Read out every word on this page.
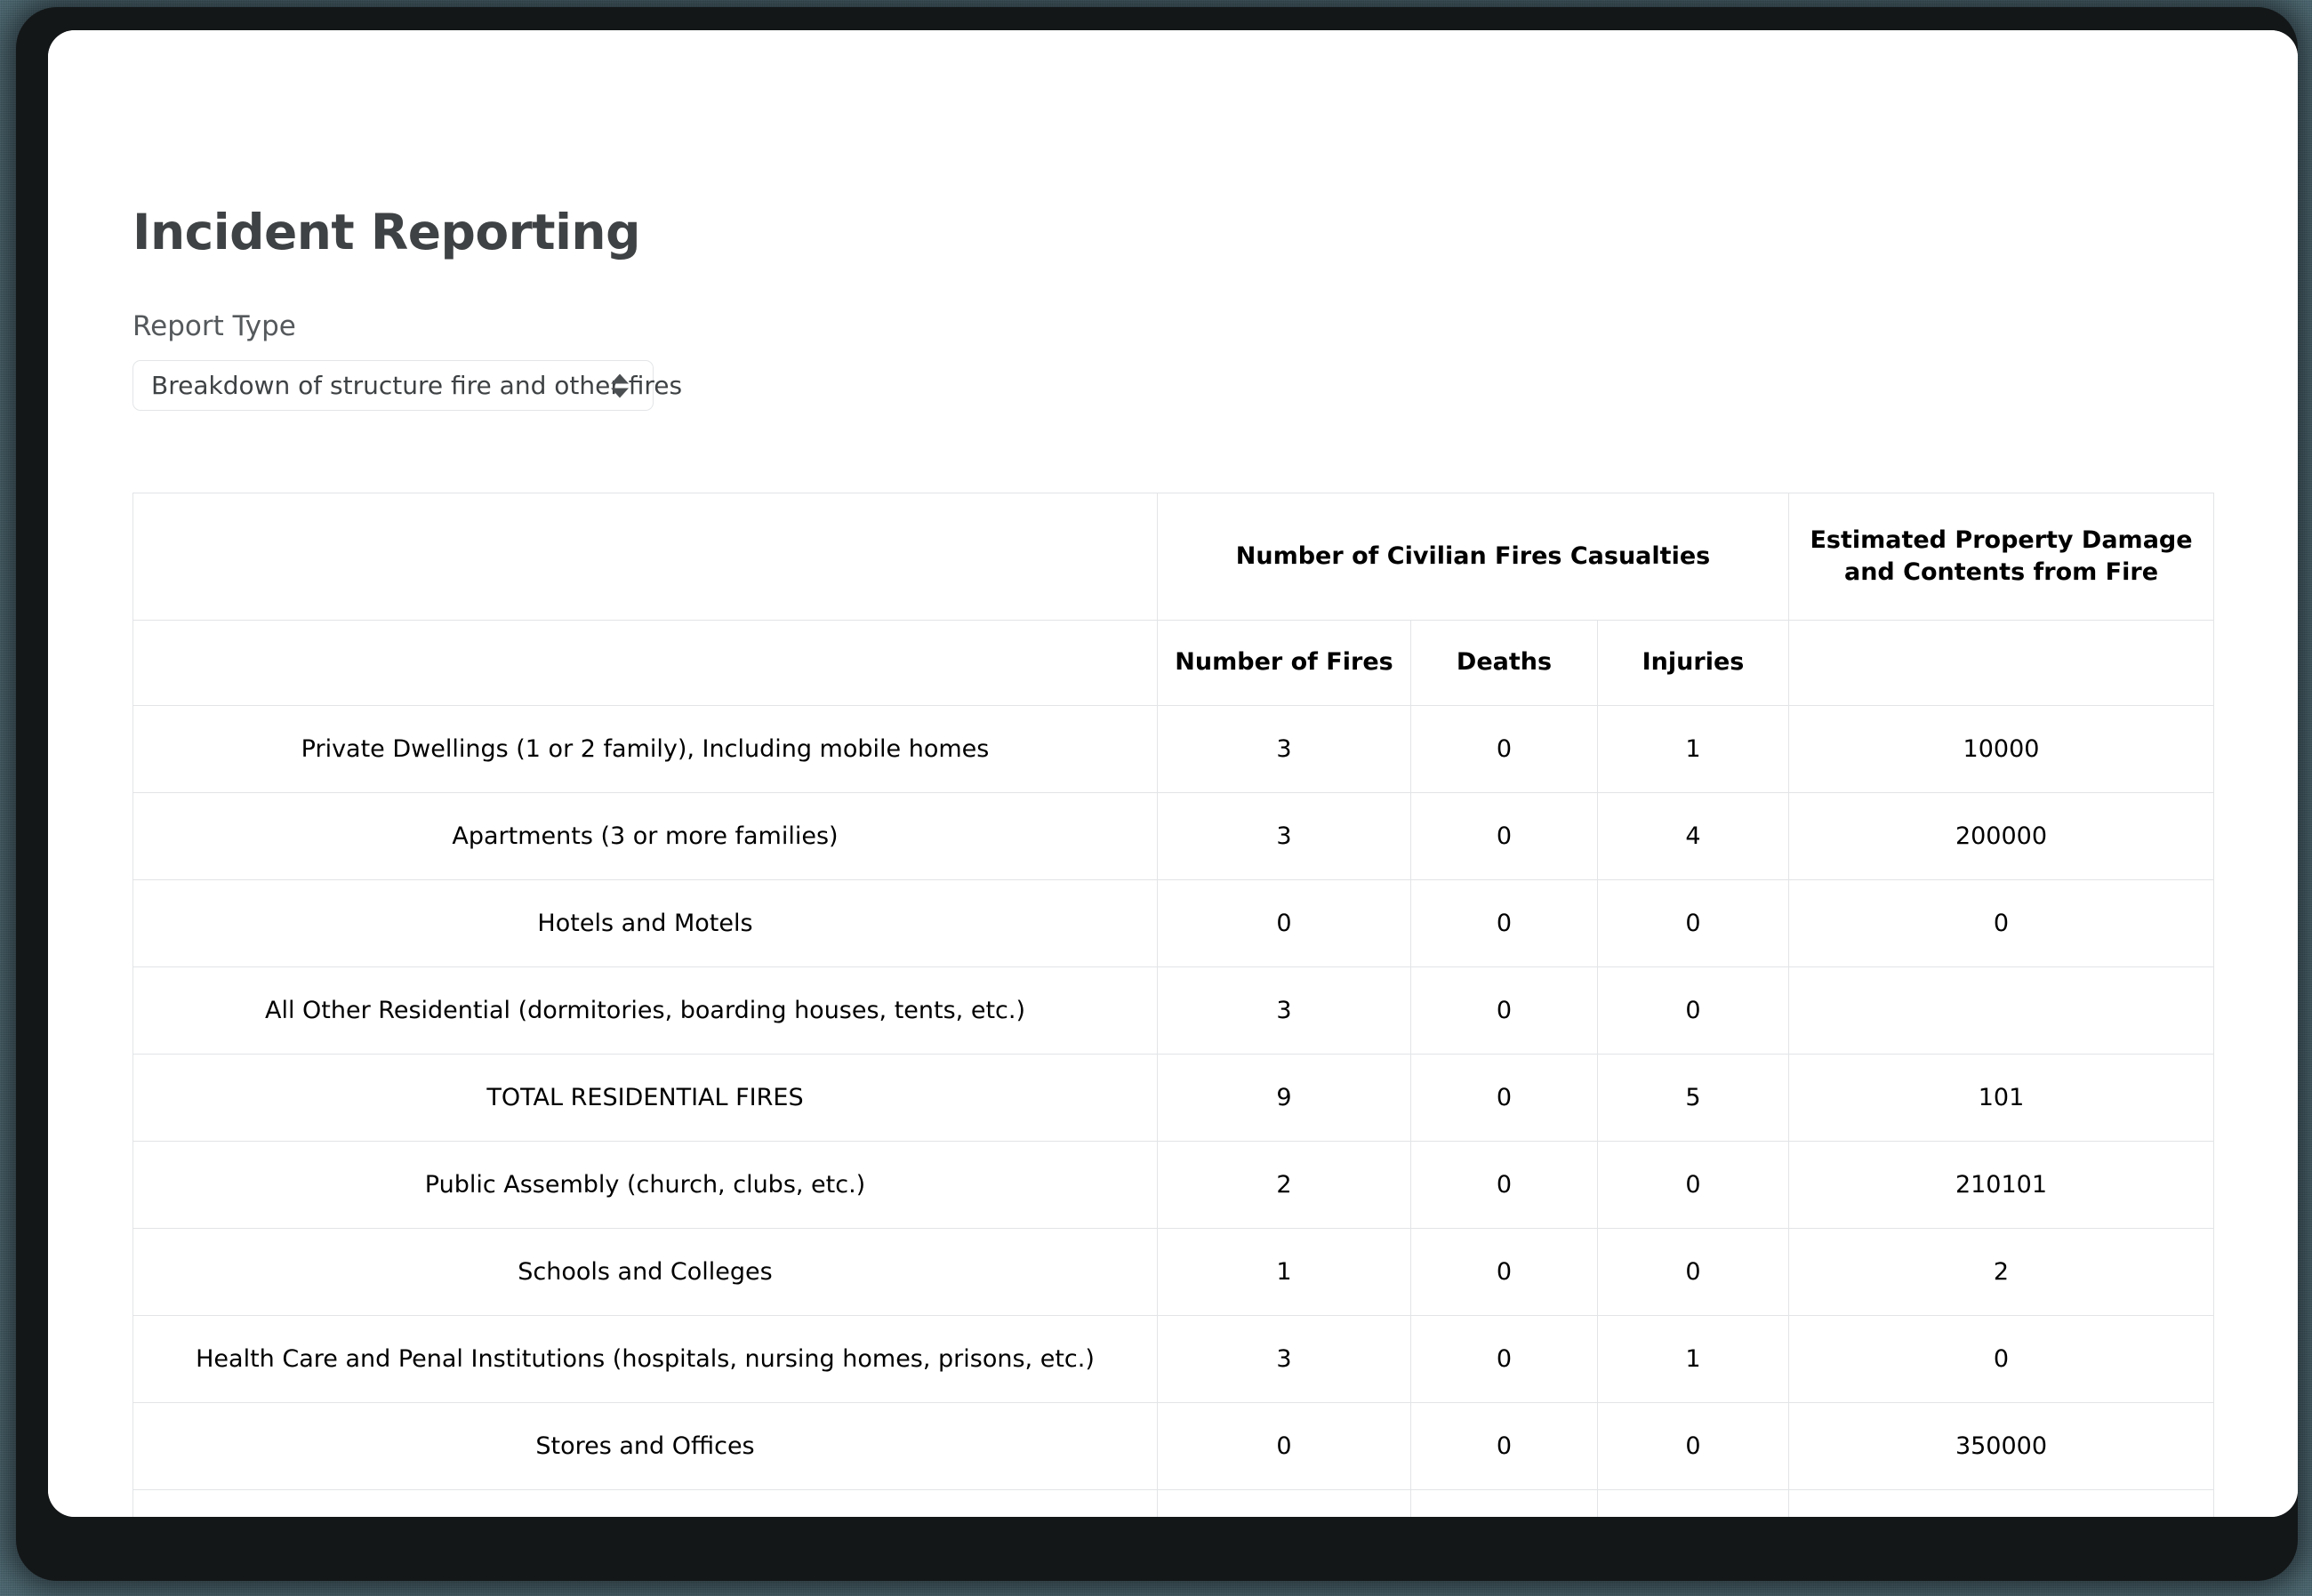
Incident Reporting
Report Type
Breakdown of structure fire and other fires
	Number of Civilian Fires Casualties			Estimated Property Damage and Contents from Fire
	Number of Fires	Deaths	Injuries	
Private Dwellings (1 or 2 family), Including mobile homes	3	0	1	10000
Apartments (3 or more families)	3	0	4	200000
Hotels and Motels	0	0	0	0
All Other Residential (dormitories, boarding houses, tents, etc.)	3	0	0	
TOTAL RESIDENTIAL FIRES	9	0	5	101
Public Assembly (church, clubs, etc.)	2	0	0	210101
Schools and Colleges	1	0	0	2
Health Care and Penal Institutions (hospitals, nursing homes, prisons, etc.)	3	0	1	0
Stores and Offices	0	0	0	350000
